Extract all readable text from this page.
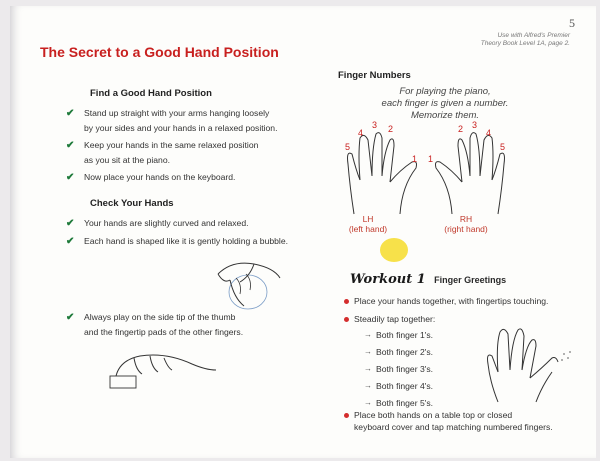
5
Use with Alfred's Premier
Theory Book Level 1A, page 2.
The Secret to a Good Hand Position
Find a Good Hand Position
✔ Stand up straight with your arms hanging loosely
by your sides and your hands in a relaxed position.
✔ Keep your hands in the same relaxed position
as you sit at the piano.
✔ Now place your hands on the keyboard.
Check Your Hands
✔ Your hands are slightly curved and relaxed.
✔ Each hand is shaped like it is gently holding a bubble.
✔ Always play on the side tip of the thumb
and the fingertip pads of the other fingers.
Finger Numbers
For playing the piano,
each finger is given a number.
Memorize them.
5
4
3 2
1 1
2 3
4
5
LH
(left hand)
RH
(right hand)
Workout 1 Finger Greetings
Place your hands together, with fingertips touching.
Steadily tap together:
→ Both finger 1's.
→ Both finger 2's.
→ Both finger 3's.
→ Both finger 4's.
→ Both finger 5's.
Place both hands on a table top or closed
keyboard cover and tap matching numbered fingers.
